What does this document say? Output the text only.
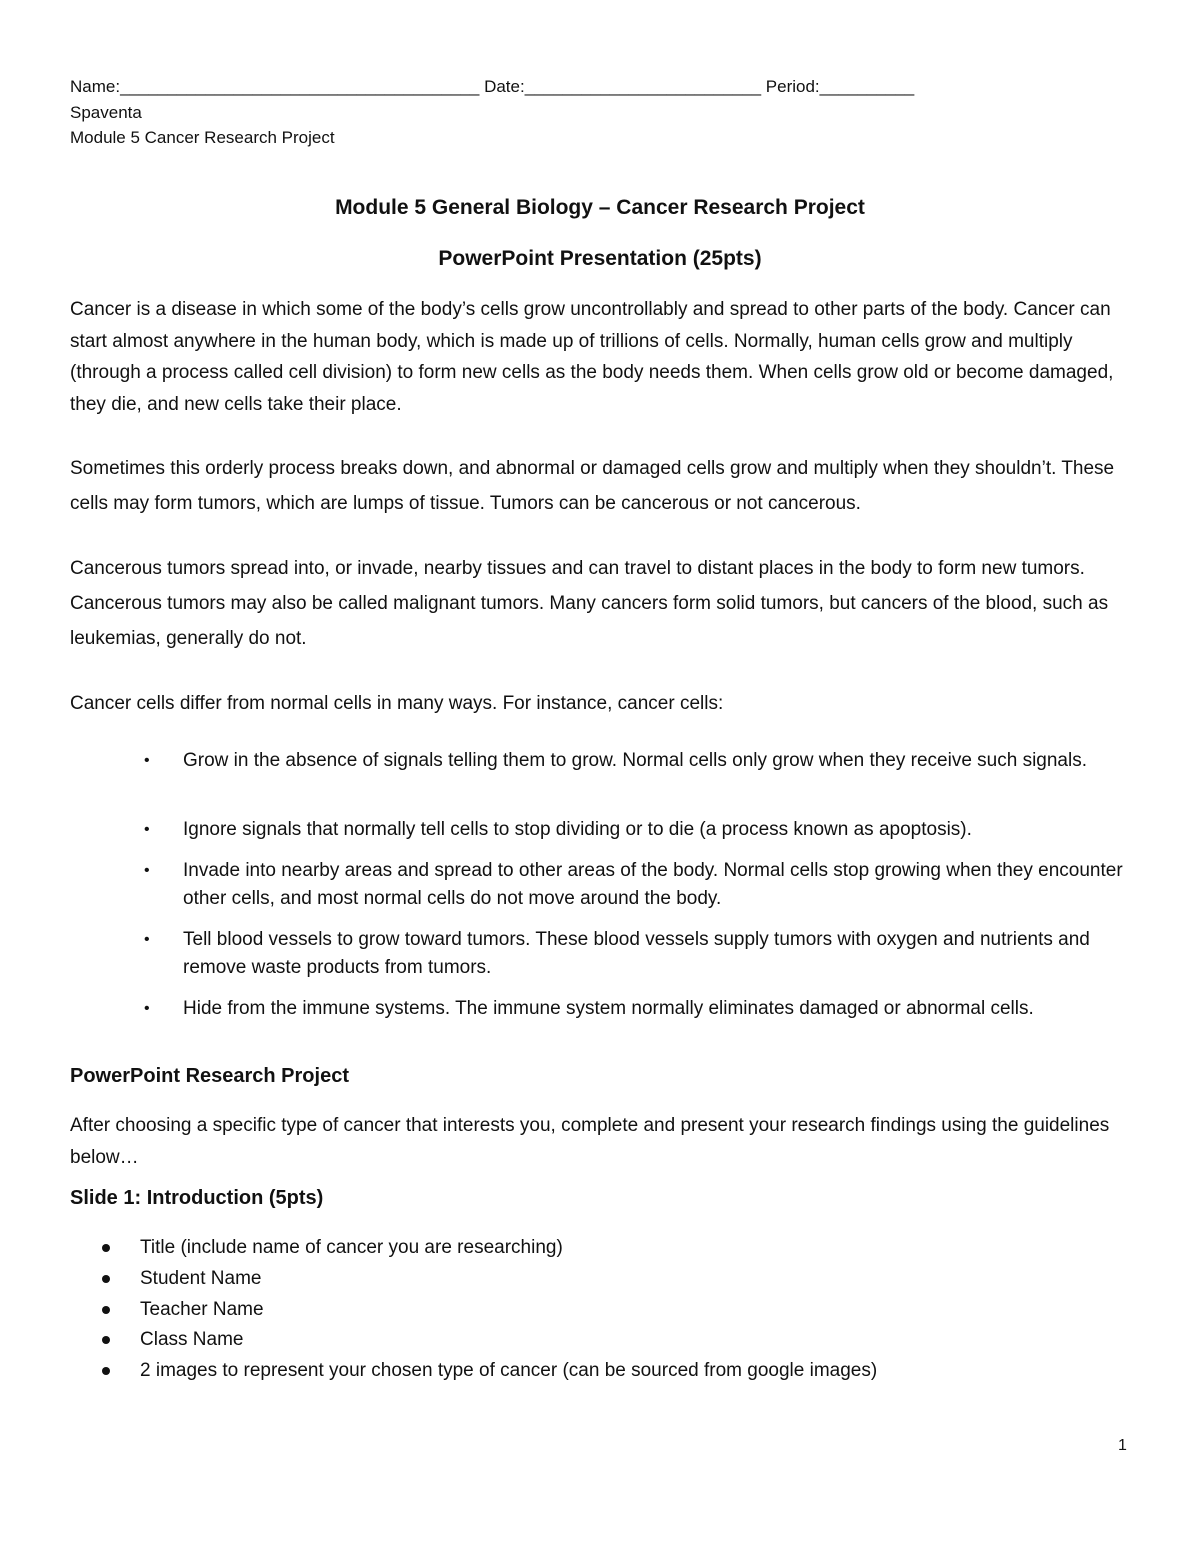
Name:______________________________________ Date:_________________________ Period:__________
Spaventa
Module 5 Cancer Research Project
Module 5 General Biology – Cancer Research Project
PowerPoint Presentation (25pts)
Cancer is a disease in which some of the body’s cells grow uncontrollably and spread to other parts of the body. Cancer can start almost anywhere in the human body, which is made up of trillions of cells. Normally, human cells grow and multiply (through a process called cell division) to form new cells as the body needs them. When cells grow old or become damaged, they die, and new cells take their place.
Sometimes this orderly process breaks down, and abnormal or damaged cells grow and multiply when they shouldn’t. These cells may form tumors, which are lumps of tissue. Tumors can be cancerous or not cancerous.
Cancerous tumors spread into, or invade, nearby tissues and can travel to distant places in the body to form new tumors. Cancerous tumors may also be called malignant tumors. Many cancers form solid tumors, but cancers of the blood, such as leukemias, generally do not.
Cancer cells differ from normal cells in many ways. For instance, cancer cells:
• Grow in the absence of signals telling them to grow. Normal cells only grow when they receive such signals.
• Ignore signals that normally tell cells to stop dividing or to die (a process known as apoptosis).
• Invade into nearby areas and spread to other areas of the body. Normal cells stop growing when they encounter other cells, and most normal cells do not move around the body.
• Tell blood vessels to grow toward tumors. These blood vessels supply tumors with oxygen and nutrients and remove waste products from tumors.
• Hide from the immune systems. The immune system normally eliminates damaged or abnormal cells.
PowerPoint Research Project
After choosing a specific type of cancer that interests you, complete and present your research findings using the guidelines below…
Slide 1: Introduction (5pts)
Title (include name of cancer you are researching)
Student Name
Teacher Name
Class Name
2 images to represent your chosen type of cancer (can be sourced from google images)
1
